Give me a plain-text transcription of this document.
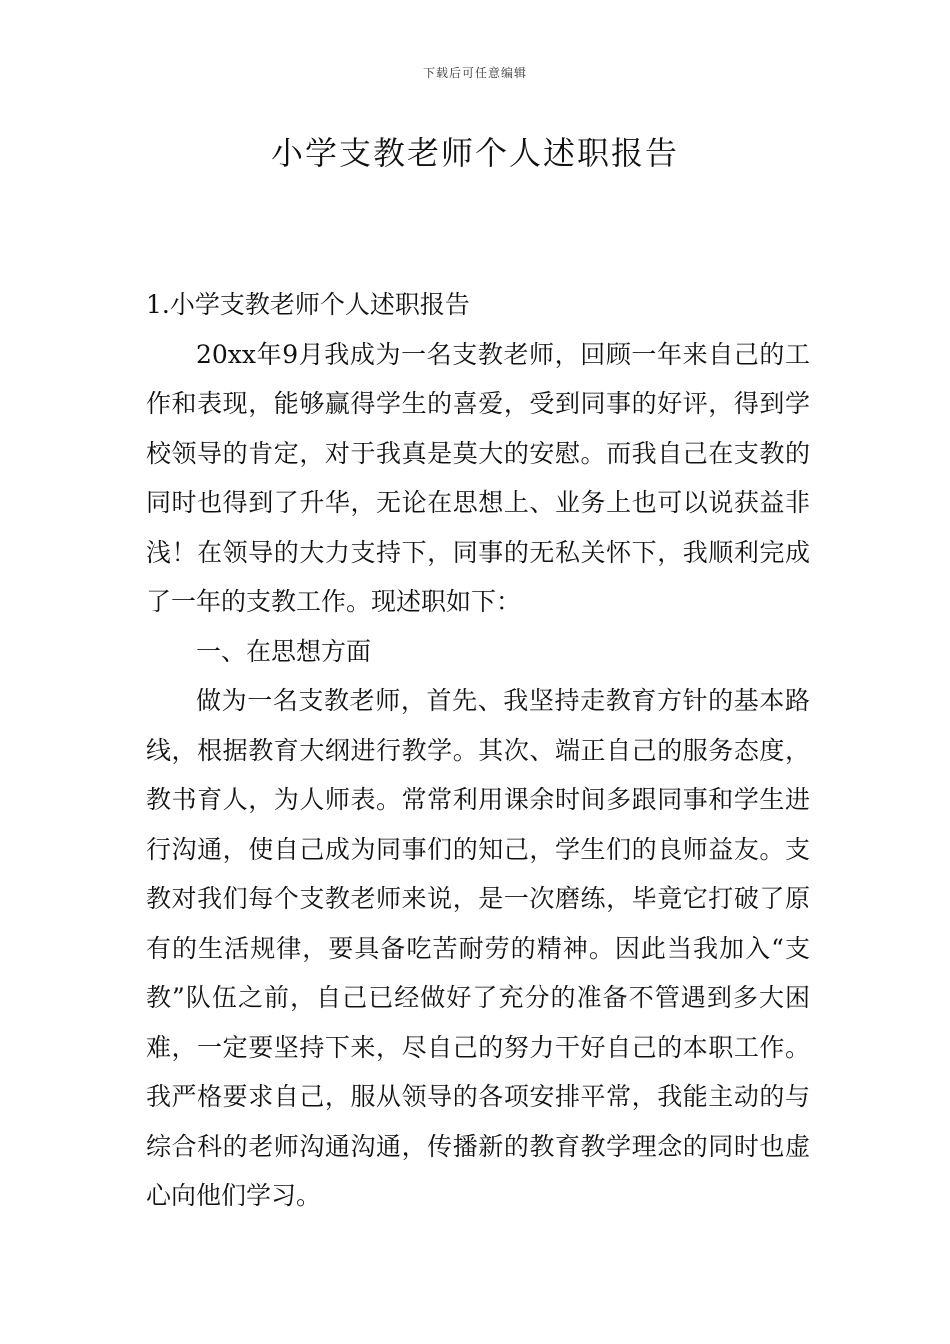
下载后可任意编辑
小学支教老师个人述职报告

1.小学支教老师个人述职报告

20xx年9月我成为一名支教老师，回顾一年来自己的工作和表现，能够赢得学生的喜爱，受到同事的好评，得到学校领导的肯定，对于我真是莫大的安慰。而我自己在支教的同时也得到了升华，无论在思想上、业务上也可以说获益非浅！在领导的大力支持下，同事的无私关怀下，我顺利完成了一年的支教工作。现述职如下：

一、在思想方面

做为一名支教老师，首先、我坚持走教育方针的基本路线，根据教育大纲进行教学。其次、端正自己的服务态度，教书育人，为人师表。常常利用课余时间多跟同事和学生进行沟通，使自己成为同事们的知己，学生们的良师益友。支教对我们每个支教老师来说，是一次磨练，毕竟它打破了原有的生活规律，要具备吃苦耐劳的精神。因此当我加入“支教”队伍之前，自己已经做好了充分的准备不管遇到多大困难，一定要坚持下来，尽自己的努力干好自己的本职工作。我严格要求自己，服从领导的各项安排平常，我能主动的与综合科的老师沟通沟通，传播新的教育教学理念的同时也虚心向他们学习。
